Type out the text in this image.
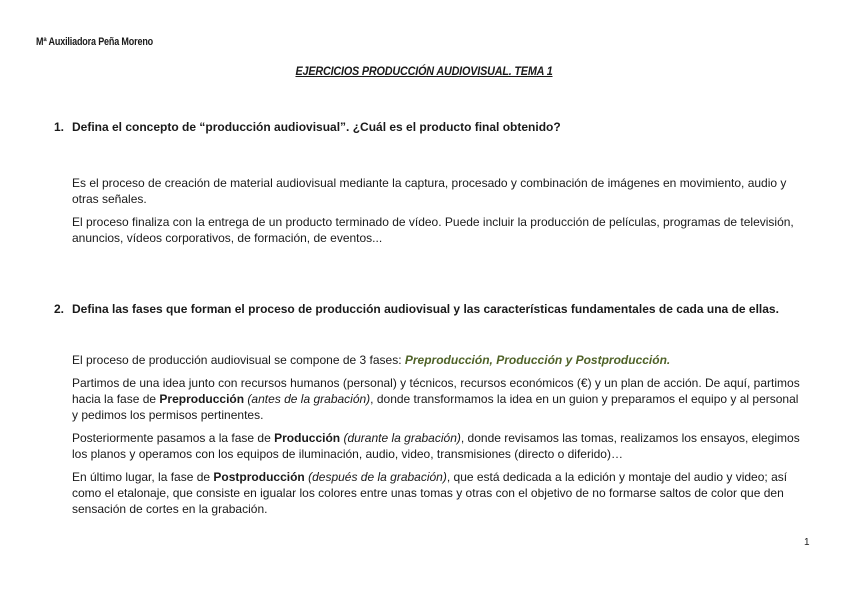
Mª Auxiliadora Peña Moreno
EJERCICIOS PRODUCCIÓN AUDIOVISUAL. TEMA 1
1. Defina el concepto de “producción audiovisual”. ¿Cuál es el producto final obtenido?

Es el proceso de creación de material audiovisual mediante la captura, procesado y combinación de imágenes en movimiento, audio y otras señales.

El proceso finaliza con la entrega de un producto terminado de vídeo. Puede incluir la producción de películas, programas de televisión, anuncios, vídeos corporativos, de formación, de eventos...

2. Defina las fases que forman el proceso de producción audiovisual y las características fundamentales de cada una de ellas.

El proceso de producción audiovisual se compone de 3 fases: Preproducción, Producción y Postproducción.

Partimos de una idea junto con recursos humanos (personal) y técnicos, recursos económicos (€) y un plan de acción. De aquí, partimos hacia la fase de Preproducción (antes de la grabación), donde transformamos la idea en un guion y preparamos el equipo y al personal y pedimos los permisos pertinentes.

Posteriormente pasamos a la fase de Producción (durante la grabación), donde revisamos las tomas, realizamos los ensayos, elegimos los planos y operamos con los equipos de iluminación, audio, video, transmisiones (directo o diferido)…

En último lugar, la fase de Postproducción (después de la grabación), que está dedicada a la edición y montaje del audio y video; así como el etalonaje, que consiste en igualar los colores entre unas tomas y otras con el objetivo de no formarse saltos de color que den sensación de cortes en la grabación.

1
